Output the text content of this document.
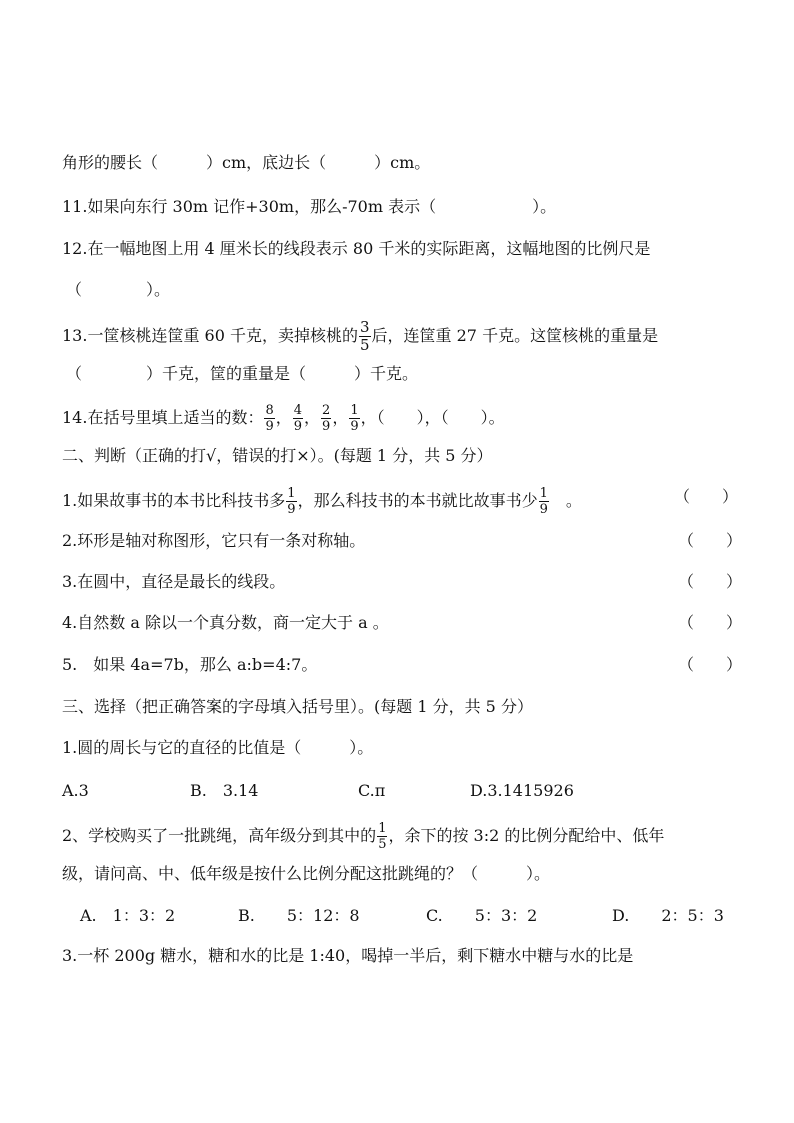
角形的腰长（　　　）cm，底边长（　　　）cm。
11.如果向东行 30m 记作+30m，那么-70m 表示（　　　　　　）。
12.在一幅地图上用 4 厘米长的线段表示 80 千米的实际距离，这幅地图的比例尺是
（　　　　）。
13.一筐核桃连筐重 60 千克，卖掉核桃的 $\frac{3}{5}$ 后，连筐重 27 千克。这筐核桃的重量是
（　　　　）千克，筐的重量是（　　　）千克。
14.在括号里填上适当的数： $\frac{8}{9}$ ， $\frac{4}{9}$ ， $\frac{2}{9}$ ， $\frac{1}{9}$ ，（　　），（　　）。
二、判断（正确的打√，错误的打×）。(每题 1 分，共 5 分）
1.如果故事书的本书比科技书多 $\frac{1}{9}$ ，那么科技书的本书就比故事书少 $\frac{1}{9}$ 　。	（　　）
2.环形是轴对称图形，它只有一条对称轴。	（　　）
3.在圆中，直径是最长的线段。	（　　）
4.自然数 a 除以一个真分数，商一定大于 a 。	（　　）
5.　如果 4a=7b，那么 a:b=4:7。	（　　）
三、选择（把正确答案的字母填入括号里）。(每题 1 分，共 5 分）
1.圆的周长与它的直径的比值是（　　　）。
A.3	B.　3.14	C.π	D.3.1415926
2、学校购买了一批跳绳，高年级分到其中的 $\frac{1}{5}$ ，余下的按 3:2 的比例分配给中、低年
级，请问高、中、低年级是按什么比例分配这批跳绳的？（　　　）。
A.　1：3：2	B.　　5：12：8	C.　　5：3：2	D.　　2：5：3
3.一杯 200g 糖水，糖和水的比是 1:40，喝掉一半后，剩下糖水中糖与水的比是
